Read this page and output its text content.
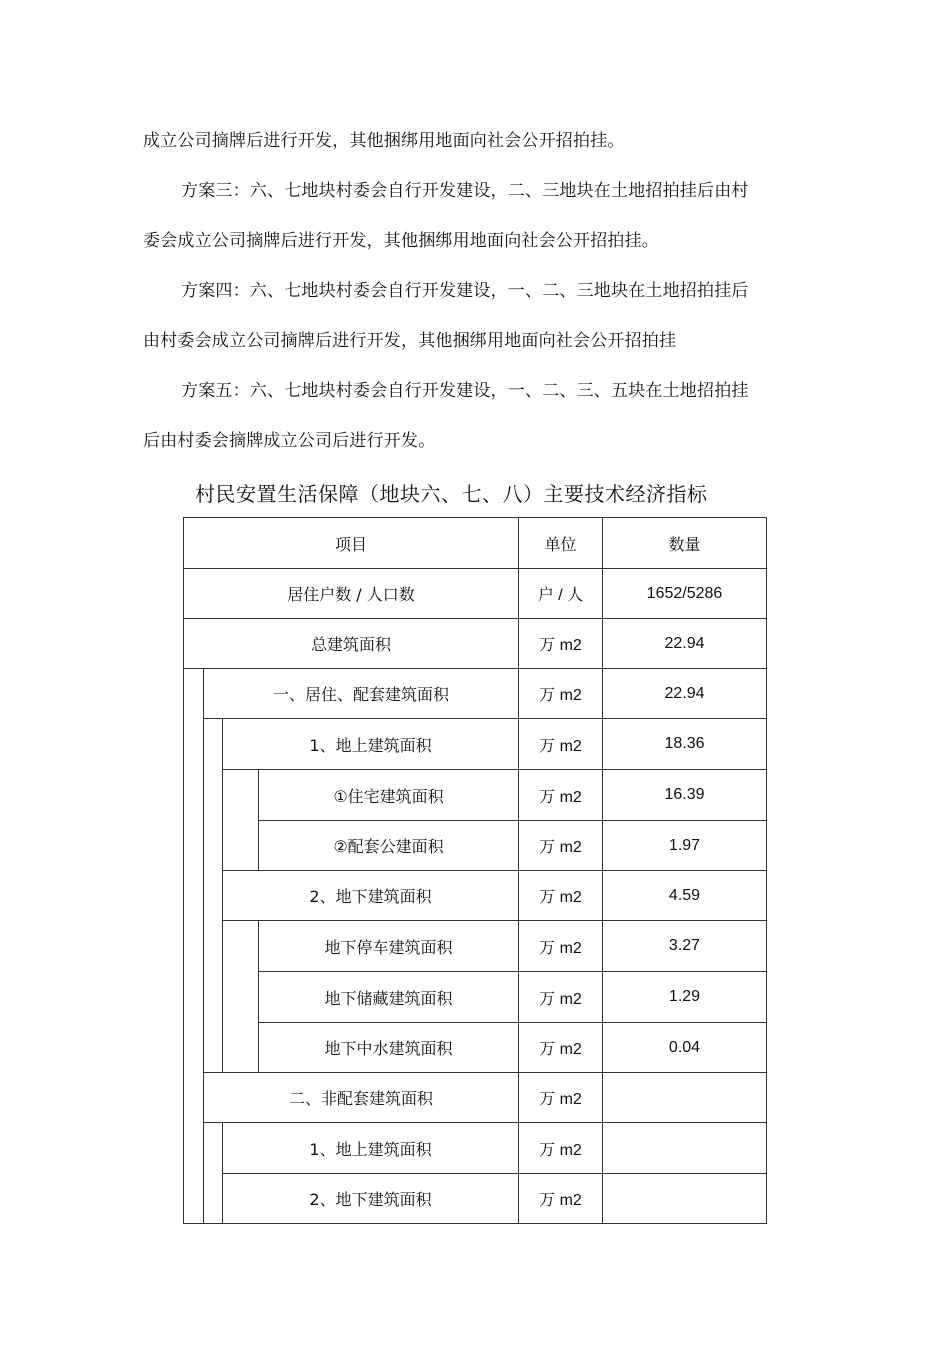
成立公司摘牌后进行开发，其他捆绑用地面向社会公开招拍挂。
方案三：六、七地块村委会自行开发建设，二、三地块在土地招拍挂后由村
委会成立公司摘牌后进行开发，其他捆绑用地面向社会公开招拍挂。
方案四：六、七地块村委会自行开发建设，一、二、三地块在土地招拍挂后
由村委会成立公司摘牌后进行开发，其他捆绑用地面向社会公开招拍挂
方案五：六、七地块村委会自行开发建设，一、二、三、五块在土地招拍挂
后由村委会摘牌成立公司后进行开发。
村民安置生活保障（地块六、七、八）主要技术经济指标
项目	单位	数量
居住户数 / 人口数	户 / 人	1652/5286
总建筑面积	万 m2	22.94
一、居住、配套建筑面积	万 m2	22.94
1、地上建筑面积	万 m2	18.36
①住宅建筑面积	万 m2	16.39
②配套公建面积	万 m2	1.97
2、地下建筑面积	万 m2	4.59
地下停车建筑面积	万 m2	3.27
地下储藏建筑面积	万 m2	1.29
地下中水建筑面积	万 m2	0.04
二、非配套建筑面积	万 m2
1、地上建筑面积	万 m2
2、地下建筑面积	万 m2
